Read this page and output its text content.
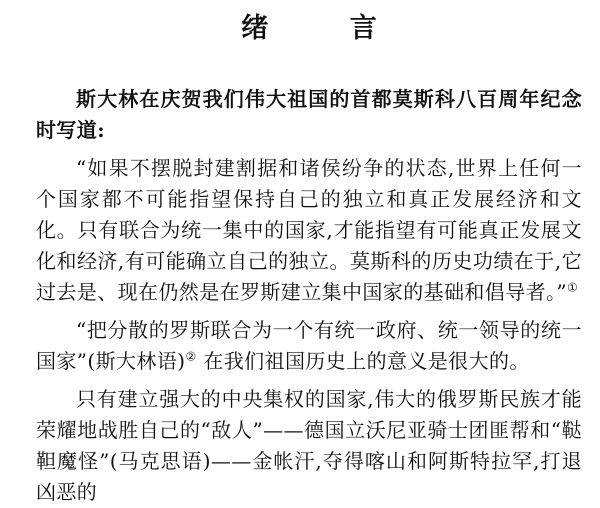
绪 言

斯大林在庆贺我们伟大祖国的首都莫斯科八百周年纪念时写道:

“如果不摆脱封建割据和诸侯纷争的状态,世界上任何一个国家都不可能指望保持自己的独立和真正发展经济和文化。只有联合为统一集中的国家,才能指望有可能真正发展文化和经济,有可能确立自己的独立。莫斯科的历史功绩在于,它过去是、现在仍然是在罗斯建立集中国家的基础和倡导者。”①

“把分散的罗斯联合为一个有统一政府、统一领导的统一国家”(斯大林语)② 在我们祖国历史上的意义是很大的。

只有建立强大的中央集权的国家,伟大的俄罗斯民族才能荣耀地战胜自己的“敌人”——德国立沃尼亚骑士团匪帮和“鞑靼魔怪”(马克思语)——金帐汗,夺得喀山和阿斯特拉罕,打退凶恶的
